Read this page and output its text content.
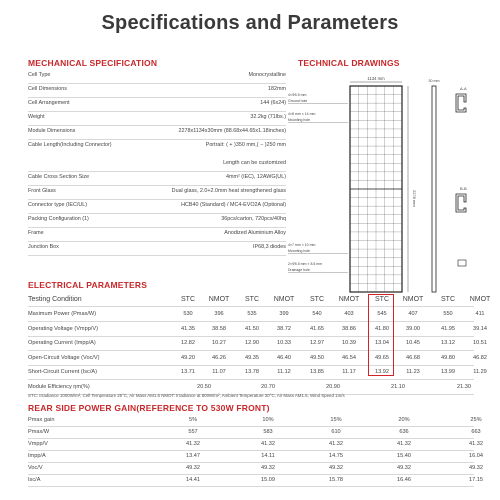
Specifications and Parameters
MECHANICAL SPECIFICATION
Cell Type	Monocrystalline
Cell Dimensions	182mm
Cell Arrangement	144 (6x24)
Weight	32.2kg (71lbs.)
Module Dimensions	2278x1134x30mm (88.68x44.65x1.18inches)
Cable Length(Including Connector)	Portrait: ( + )350 mm,( − )250 mm
Length can be customized
Cable Cross Section Size	4mm² (IEC), 12AWG(UL)
Front Glass	Dual glass, 2.0+2.0mm heat strengthened glass
Connector type (IEC/UL)	HCB40 (Standard) / MC4-EVO2A (Optional)
Packing Configuration (1)	36pcs/carton, 720pcs/40hq
Frame	Anodized Aluminium Alloy
Junction Box	IP68,3 diodes
TECHNICAL DRAWINGS
1134 mm
2278 mm
4×Φ5.5 mm
Ground hole
4×8 mm × 14 mm
Mounting hole
4×7 mm × 10 mm
Mounting hole
2×Φ5.5 mm × 8.5 mm
Drainage hole
30 mm
A-A
B-B
ELECTRICAL PARAMETERS
Testing Condition	STC	NMOT	STC	NMOT	STC	NMOT	STC	NMOT	STC	NMOT
Maximum Power (Pmax/W)	530	396	535	399	540	403	545	407	550	411
Operating Voltage (Vmpp/V)	41.35	38.58	41.50	38.72	41.65	38.86	41.80	39.00	41.95	39.14
Operating Current (Impp/A)	12.82	10.27	12.90	10.33	12.97	10.39	13.04	10.45	13.12	10.51
Open-Circuit Voltage (Voc/V)	49.20	46.26	49.35	46.40	49.50	46.54	49.65	46.68	49.80	46.82
Short-Circuit Current (Isc/A)	13.71	11.07	13.78	11.12	13.85	11.17	13.92	11.23	13.99	11.29
Module Efficiency ηm(%)	20.50	20.70	20.90	21.10	21.30
STC: Irradiance 1000W/m², Cell Temperature 25°C, Air Mass AM1.5 NMOT: Irradiance at 800W/m², Ambient Temperature 20°C, Air Mass AM1.5, Wind Speed 1m/s
REAR SIDE POWER GAIN(REFERENCE TO 530W FRONT)
Pmax gain	5%	10%	15%	20%	25%
Pmax/W	557	583	610	636	663
Vmpp/V	41.32	41.32	41.32	41.32	41.32
Impp/A	13.47	14.11	14.75	15.40	16.04
Voc/V	49.32	49.32	49.32	49.32	49.32
Isc/A	14.41	15.09	15.78	16.46	17.15
